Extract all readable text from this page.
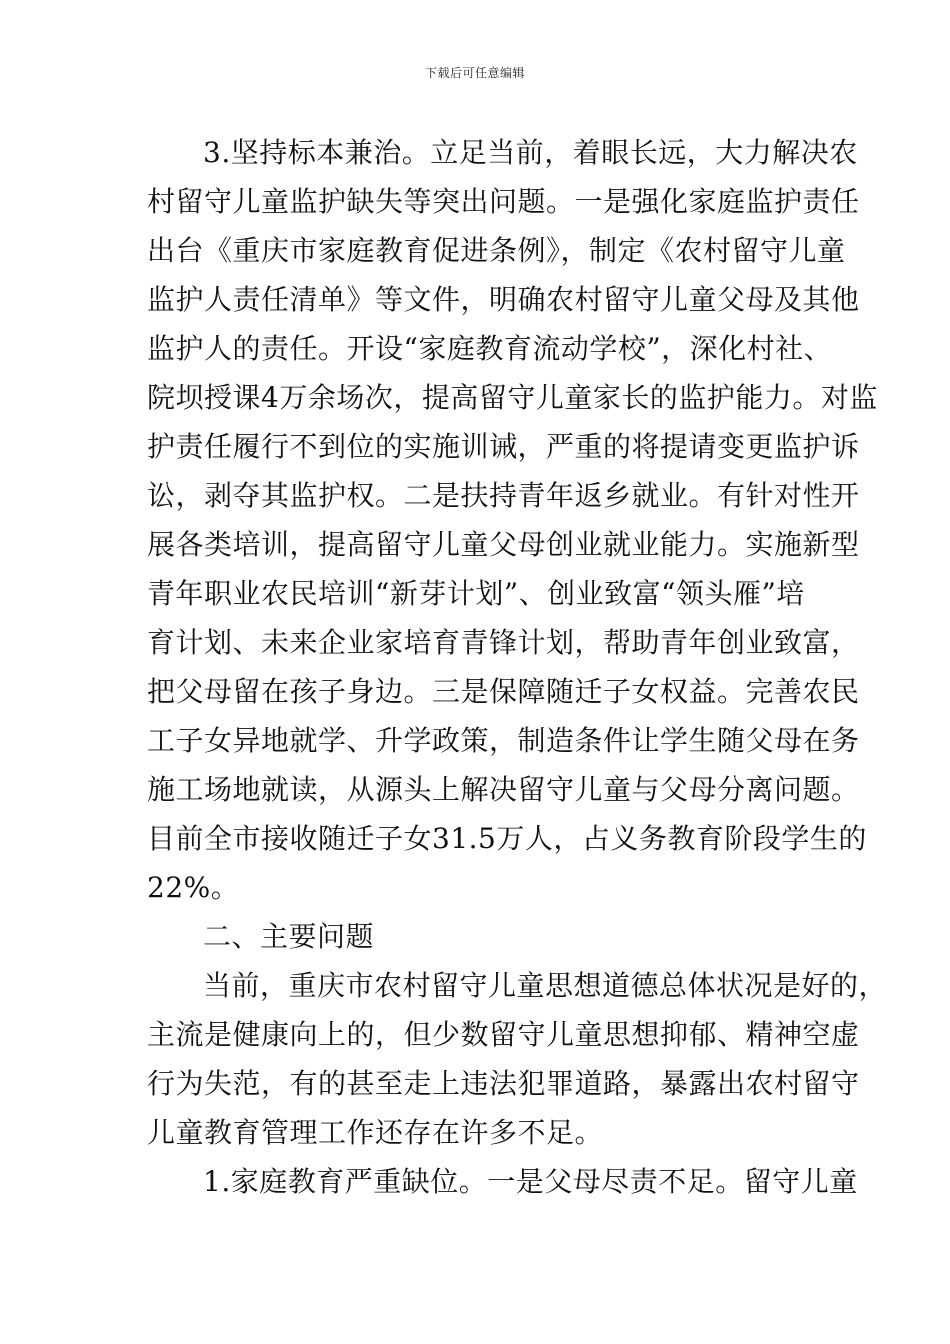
下载后可任意编辑
3.坚持标本兼治。立足当前，着眼长远，大力解决农
村留守儿童监护缺失等突出问题。一是强化家庭监护责任
出台《重庆市家庭教育促进条例》，制定《农村留守儿童
监护人责任清单》等文件，明确农村留守儿童父母及其他
监护人的责任。开设“家庭教育流动学校”，深化村社、
院坝授课4万余场次，提高留守儿童家长的监护能力。对监
护责任履行不到位的实施训诫，严重的将提请变更监护诉
讼，剥夺其监护权。二是扶持青年返乡就业。有针对性开
展各类培训，提高留守儿童父母创业就业能力。实施新型
青年职业农民培训“新芽计划”、创业致富“领头雁”培
育计划、未来企业家培育青锋计划，帮助青年创业致富，
把父母留在孩子身边。三是保障随迁子女权益。完善农民
工子女异地就学、升学政策，制造条件让学生随父母在务
施工场地就读，从源头上解决留守儿童与父母分离问题。
目前全市接收随迁子女31.5万人，占义务教育阶段学生的
22%。
二、主要问题
当前，重庆市农村留守儿童思想道德总体状况是好的，
主流是健康向上的，但少数留守儿童思想抑郁、精神空虚
行为失范，有的甚至走上违法犯罪道路，暴露出农村留守
儿童教育管理工作还存在许多不足。
1.家庭教育严重缺位。一是父母尽责不足。留守儿童
